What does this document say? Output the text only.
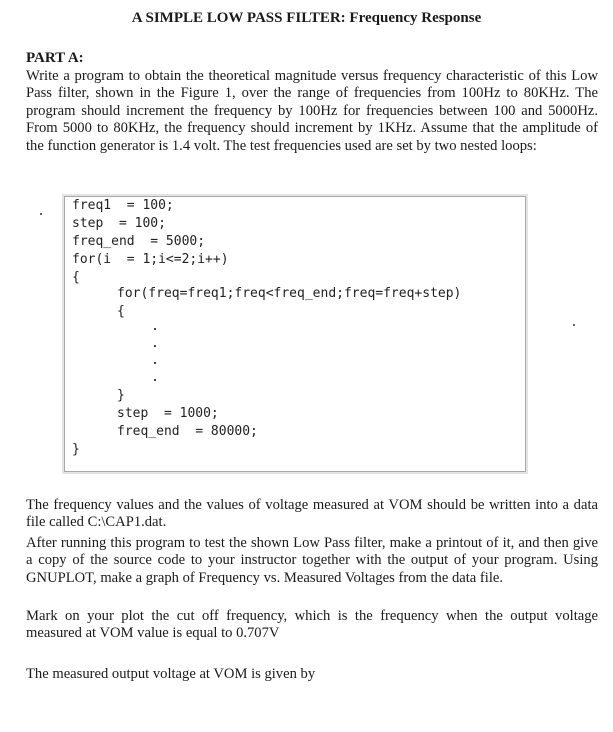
A SIMPLE LOW PASS FILTER: Frequency Response
PART A:

Write a program to obtain the theoretical magnitude versus frequency characteristic of this Low Pass filter, shown in the Figure 1, over the range of frequencies from 100Hz to 80KHz. The program should increment the frequency by 100Hz for frequencies between 100 and 5000Hz. From 5000 to 80KHz, the frequency should increment by 1KHz. Assume that the amplitude of the function generator is 1.4 volt. The test frequencies used are set by two nested loops:

freq1  = 100;
step  = 100;
freq_end  = 5000;
for(i  = 1;i<=2;i++)
{
for(freq=freq1;freq<freq_end;freq=freq+step)
{
}
step  = 1000;
freq_end  = 80000;
}

The frequency values and the values of voltage measured at VOM should be written into a data file called C:\CAP1.dat.

After running this program to test the shown Low Pass filter, make a printout of it, and then give a copy of the source code to your instructor together with the output of your program. Using GNUPLOT, make a graph of Frequency vs. Measured Voltages from the data file.

Mark on your plot the cut off frequency, which is the frequency when the output voltage measured at VOM value is equal to 0.707V

The measured output voltage at VOM is given by
